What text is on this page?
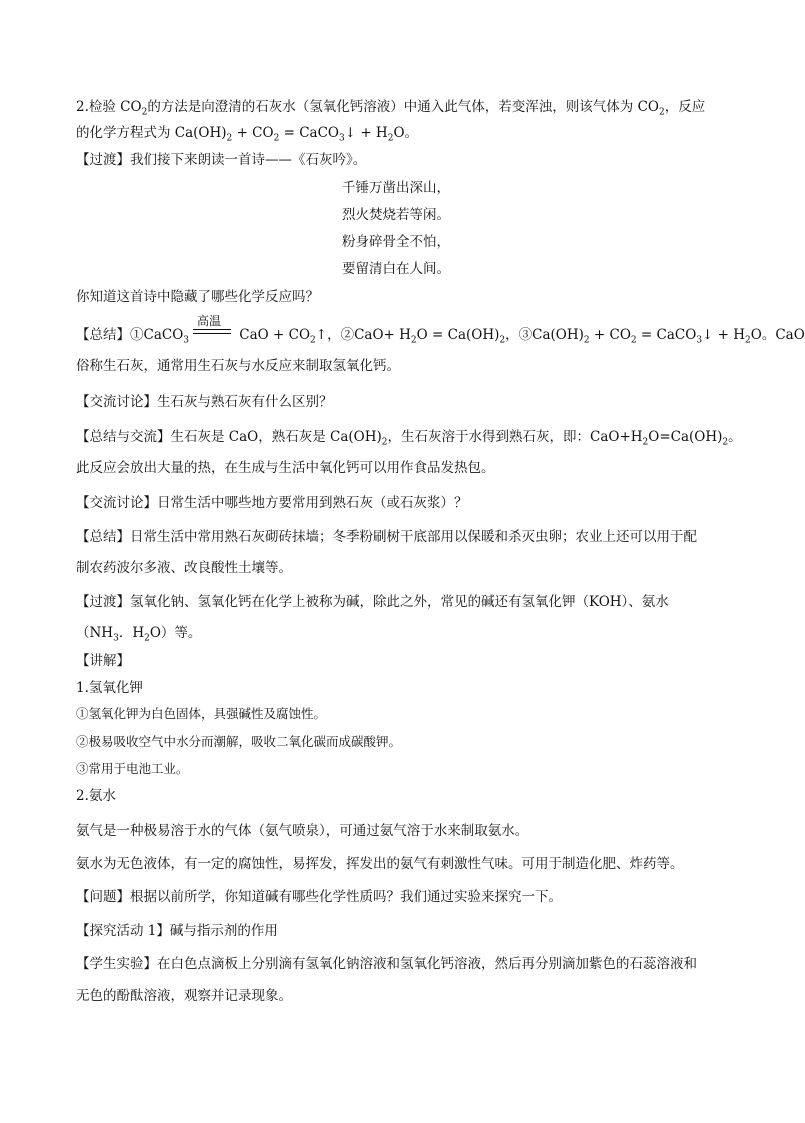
2.检验 $CO_2$的方法是向澄清的石灰水（氢氧化钙溶液）中通入此气体，若变浑浊，则该气体为 $CO_2$，反应
的化学方程式为 $Ca(OH)_2 + CO_2$ = CaCO$_3$↓ + $H_2O$。
【过渡】我们接下来朗读一首诗——《石灰吟》。
千锤万凿出深山，
烈火焚烧若等闲。
粉身碎骨全不怕，
要留清白在人间。
你知道这首诗中隐藏了哪些化学反应吗？
【总结】①CaCO$_3$
高温
CaO + $CO_2↑$，②CaO+ $H_2O = Ca(OH)_2$，$③Ca(OH)_2 + CO_2$ = CaCO$_3$↓ + $H_2O$。CaO
俗称生石灰，通常用生石灰与水反应来制取氢氧化钙。
【交流讨论】生石灰与熟石灰有什么区别？
【总结与交流】生石灰是 CaO，熟石灰是 $Ca(OH)_2$，生石灰溶于水得到熟石灰，即：$CaO+H_2O=Ca(OH)_2$。
此反应会放出大量的热，在生成与生活中氧化钙可以用作食品发热包。
【交流讨论】日常生活中哪些地方要常用到熟石灰（或石灰浆）？
【总结】日常生活中常用熟石灰砌砖抹墙；冬季粉刷树干底部用以保暖和杀灭虫卵；农业上还可以用于配
制农药波尔多液、改良酸性土壤等。
【过渡】氢氧化钠、氢氧化钙在化学上被称为碱，除此之外，常见的碱还有氢氧化钾（KOH）、氨水
（$NH_3$．$H_2O$）等。
【讲解】
1.氢氧化钾
①氢氧化钾为白色固体，具强碱性及腐蚀性。
②极易吸收空气中水分而潮解，吸收二氧化碳而成碳酸钾。
③常用于电池工业。
2.氨水
氨气是一种极易溶于水的气体（氨气喷泉），可通过氨气溶于水来制取氨水。
氨水为无色液体，有一定的腐蚀性，易挥发，挥发出的氨气有刺激性气味。可用于制造化肥、炸药等。
【问题】根据以前所学，你知道碱有哪些化学性质吗？我们通过实验来探究一下。
【探究活动 1】碱与指示剂的作用
【学生实验】在白色点滴板上分别滴有氢氧化钠溶液和氢氧化钙溶液，然后再分别滴加紫色的石蕊溶液和
无色的酚酞溶液，观察并记录现象。
